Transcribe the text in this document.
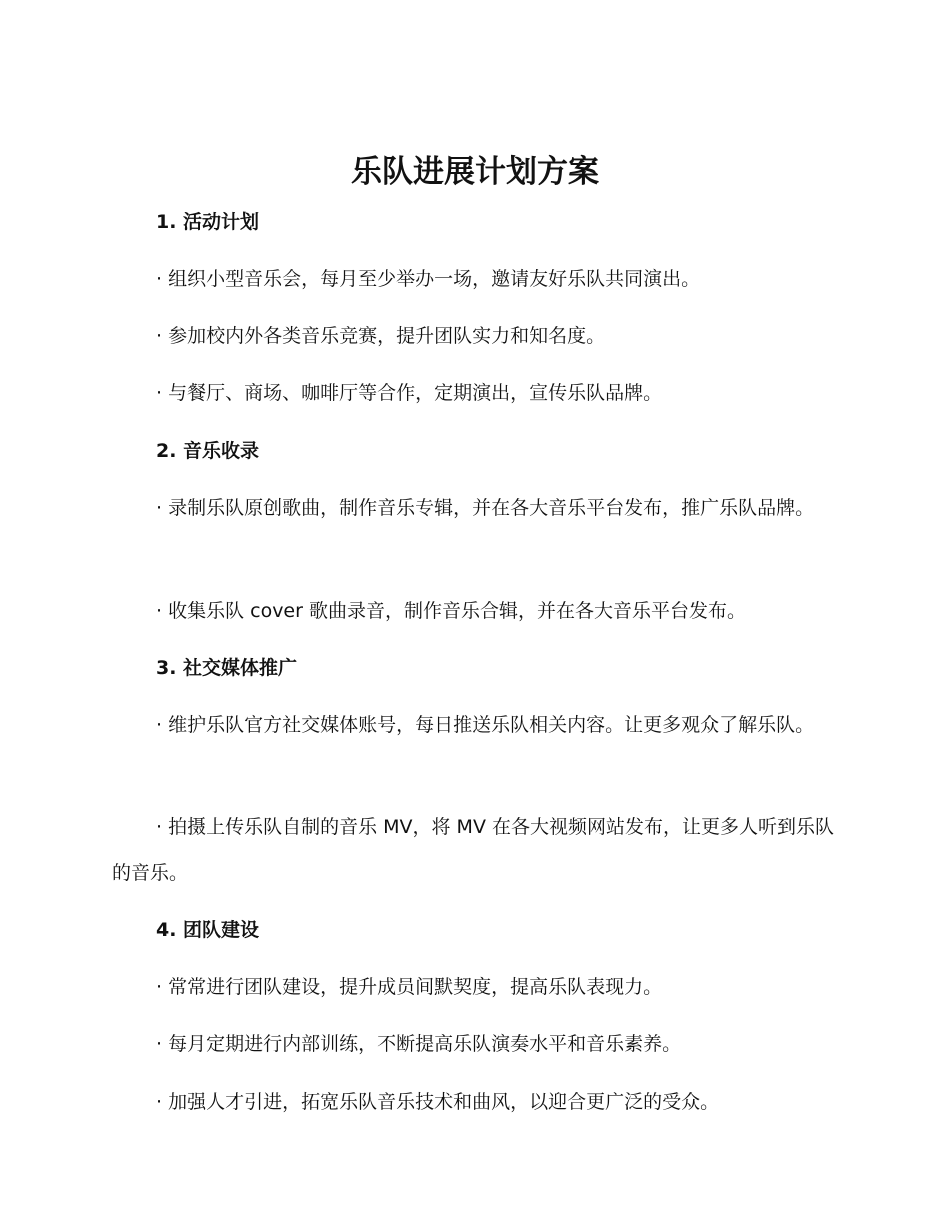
乐队进展计划方案
1. 活动计划
· 组织小型音乐会，每月至少举办一场，邀请友好乐队共同演出。
· 参加校内外各类音乐竞赛，提升团队实力和知名度。
· 与餐厅、商场、咖啡厅等合作，定期演出，宣传乐队品牌。
2. 音乐收录
· 录制乐队原创歌曲，制作音乐专辑，并在各大音乐平台发布，推广乐队品牌。
· 收集乐队 cover 歌曲录音，制作音乐合辑，并在各大音乐平台发布。
3. 社交媒体推广
· 维护乐队官方社交媒体账号，每日推送乐队相关内容。让更多观众了解乐队。
· 拍摄上传乐队自制的音乐 MV，将 MV 在各大视频网站发布，让更多人听到乐队的音乐。
4. 团队建设
· 常常进行团队建设，提升成员间默契度，提高乐队表现力。
· 每月定期进行内部训练，不断提高乐队演奏水平和音乐素养。
· 加强人才引进，拓宽乐队音乐技术和曲风，以迎合更广泛的受众。
